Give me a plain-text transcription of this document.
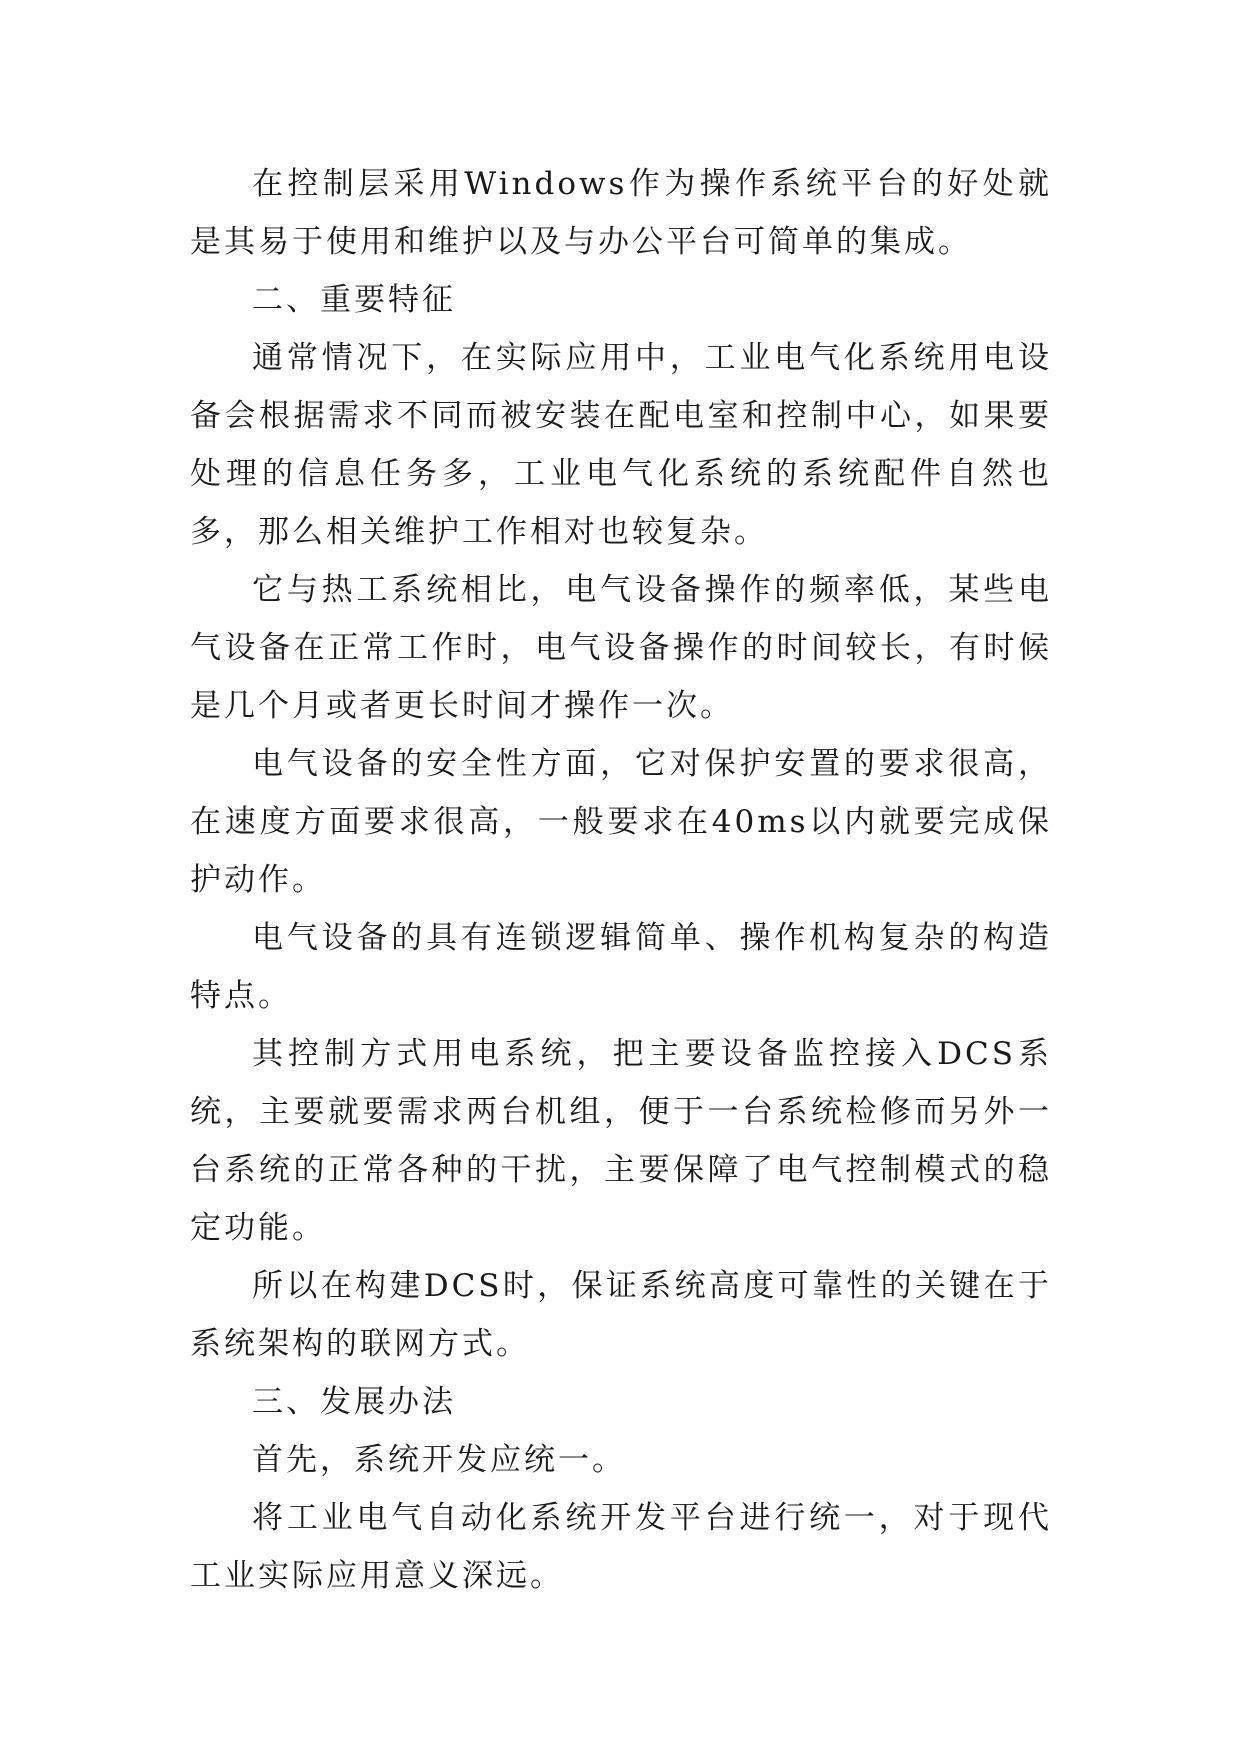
在控制层采用Windows作为操作系统平台的好处就是其易于使用和维护以及与办公平台可简单的集成。

二、重要特征

通常情况下，在实际应用中，工业电气化系统用电设备会根据需求不同而被安装在配电室和控制中心，如果要处理的信息任务多，工业电气化系统的系统配件自然也多，那么相关维护工作相对也较复杂。

它与热工系统相比，电气设备操作的频率低，某些电气设备在正常工作时，电气设备操作的时间较长，有时候是几个月或者更长时间才操作一次。

电气设备的安全性方面，它对保护安置的要求很高，在速度方面要求很高，一般要求在40ms以内就要完成保护动作。

电气设备的具有连锁逻辑简单、操作机构复杂的构造特点。

其控制方式用电系统，把主要设备监控接入DCS系统，主要就要需求两台机组，便于一台系统检修而另外一台系统的正常各种的干扰，主要保障了电气控制模式的稳定功能。

所以在构建DCS时，保证系统高度可靠性的关键在于系统架构的联网方式。

三、发展办法

首先，系统开发应统一。

将工业电气自动化系统开发平台进行统一，对于现代工业实际应用意义深远。
